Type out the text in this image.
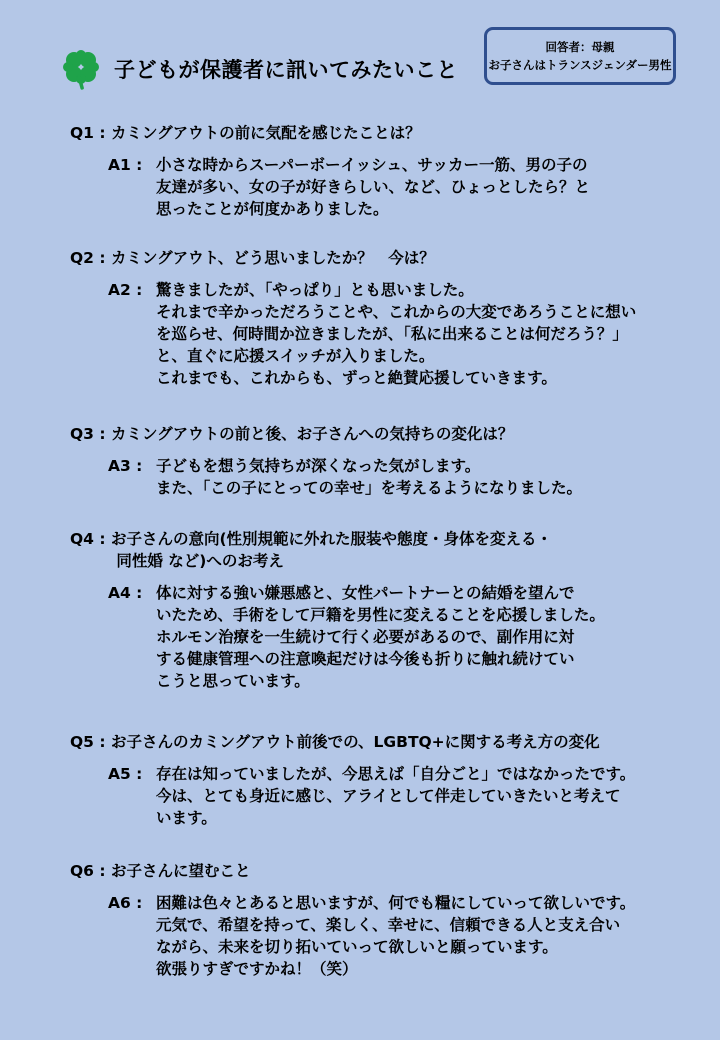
子どもが保護者に訊いてみたいこと
回答者：母親
お子さんはトランスジェンダー男性
Q1 : カミングアウトの前に気配を感じたことは？
A1 : 小さな時からスーパーボーイッシュ、サッカー一筋、男の子の
友達が多い、女の子が好きらしい、など、ひょっとしたら？と
思ったことが何度かありました。
Q2 : カミングアウト、どう思いましたか？　今は？
A2 : 驚きましたが、「やっぱり」とも思いました。
それまで辛かっただろうことや、これからの大変であろうことに想い
を巡らせ、何時間か泣きましたが、「私に出来ることは何だろう？」
と、直ぐに応援スイッチが入りました。
これまでも、これからも、ずっと絶賛応援していきます。
Q3 : カミングアウトの前と後、お子さんへの気持ちの変化は？
A3 : 子どもを想う気持ちが深くなった気がします。
また、「この子にとっての幸せ」を考えるようになりました。
Q4 : お子さんの意向(性別規範に外れた服装や態度・身体を変える・
同性婚 など)へのお考え
A4 : 体に対する強い嫌悪感と、女性パートナーとの結婚を望んで
いたため、手術をして戸籍を男性に変えることを応援しました。
ホルモン治療を一生続けて行く必要があるので、副作用に対
する健康管理への注意喚起だけは今後も折りに触れ続けてい
こうと思っています。
Q5 : お子さんのカミングアウト前後での、LGBTQ+に関する考え方の変化
A5 : 存在は知っていましたが、今思えば「自分ごと」ではなかったです。
今は、とても身近に感じ、アライとして伴走していきたいと考えて
います。
Q6 : お子さんに望むこと
A6 : 困難は色々とあると思いますが、何でも糧にしていって欲しいです。
元気で、希望を持って、楽しく、幸せに、信頼できる人と支え合い
ながら、未来を切り拓いていって欲しいと願っています。
欲張りすぎですかね！（笑）
